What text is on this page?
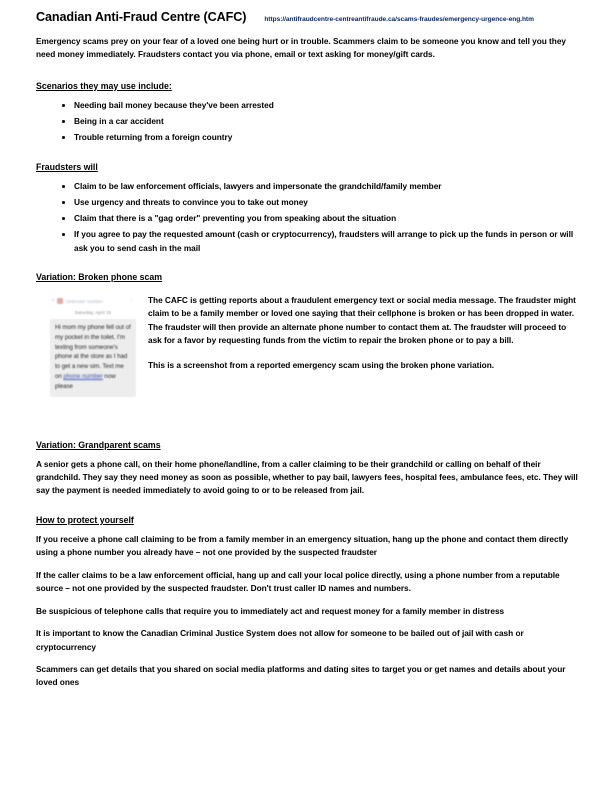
Canadian Anti-Fraud Centre (CAFC)	https://antifraudcentre-centreantifraude.ca/scams-fraudes/emergency-urgence-eng.htm

Emergency scams prey on your fear of a loved one being hurt or in trouble. Scammers claim to be someone you know and tell you they need money immediately. Fraudsters contact you via phone, email or text asking for money/gift cards.

Scenarios they may use include:
Needing bail money because they've been arrested
Being in a car accident
Trouble returning from a foreign country
Fraudsters will
Claim to be law enforcement officials, lawyers and impersonate the grandchild/family member
Use urgency and threats to convince you to take out money
Claim that there is a "gag order" preventing you from speaking about the situation
If you agree to pay the requested amount (cash or cryptocurrency), fraudsters will arrange to pick up the funds in person or will ask you to send cash in the mail
Variation: Broken phone scam
‹	Unknown number	⋮
Saturday, April 15
Hi mom my phone fell out of my pocket in the toilet. I'm texting from someone's phone at the store as I had to get a new sim. Text me on phone number now please

The CAFC is getting reports about a fraudulent emergency text or social media message. The fraudster might claim to be a family member or loved one saying that their cellphone is broken or has been dropped in water. The fraudster will then provide an alternate phone number to contact them at. The fraudster will proceed to ask for a favor by requesting funds from the victim to repair the broken phone or to pay a bill.

This is a screenshot from a reported emergency scam using the broken phone variation.

Variation: Grandparent scams

A senior gets a phone call, on their home phone/landline, from a caller claiming to be their grandchild or calling on behalf of their grandchild. They say they need money as soon as possible, whether to pay bail, lawyers fees, hospital fees, ambulance fees, etc. They will say the payment is needed immediately to avoid going to or to be released from jail.

How to protect yourself

If you receive a phone call claiming to be from a family member in an emergency situation, hang up the phone and contact them directly using a phone number you already have – not one provided by the suspected fraudster

If the caller claims to be a law enforcement official, hang up and call your local police directly, using a phone number from a reputable source – not one provided by the suspected fraudster. Don't trust caller ID names and numbers.

Be suspicious of telephone calls that require you to immediately act and request money for a family member in distress

It is important to know the Canadian Criminal Justice System does not allow for someone to be bailed out of jail with cash or cryptocurrency

Scammers can get details that you shared on social media platforms and dating sites to target you or get names and details about your loved ones
